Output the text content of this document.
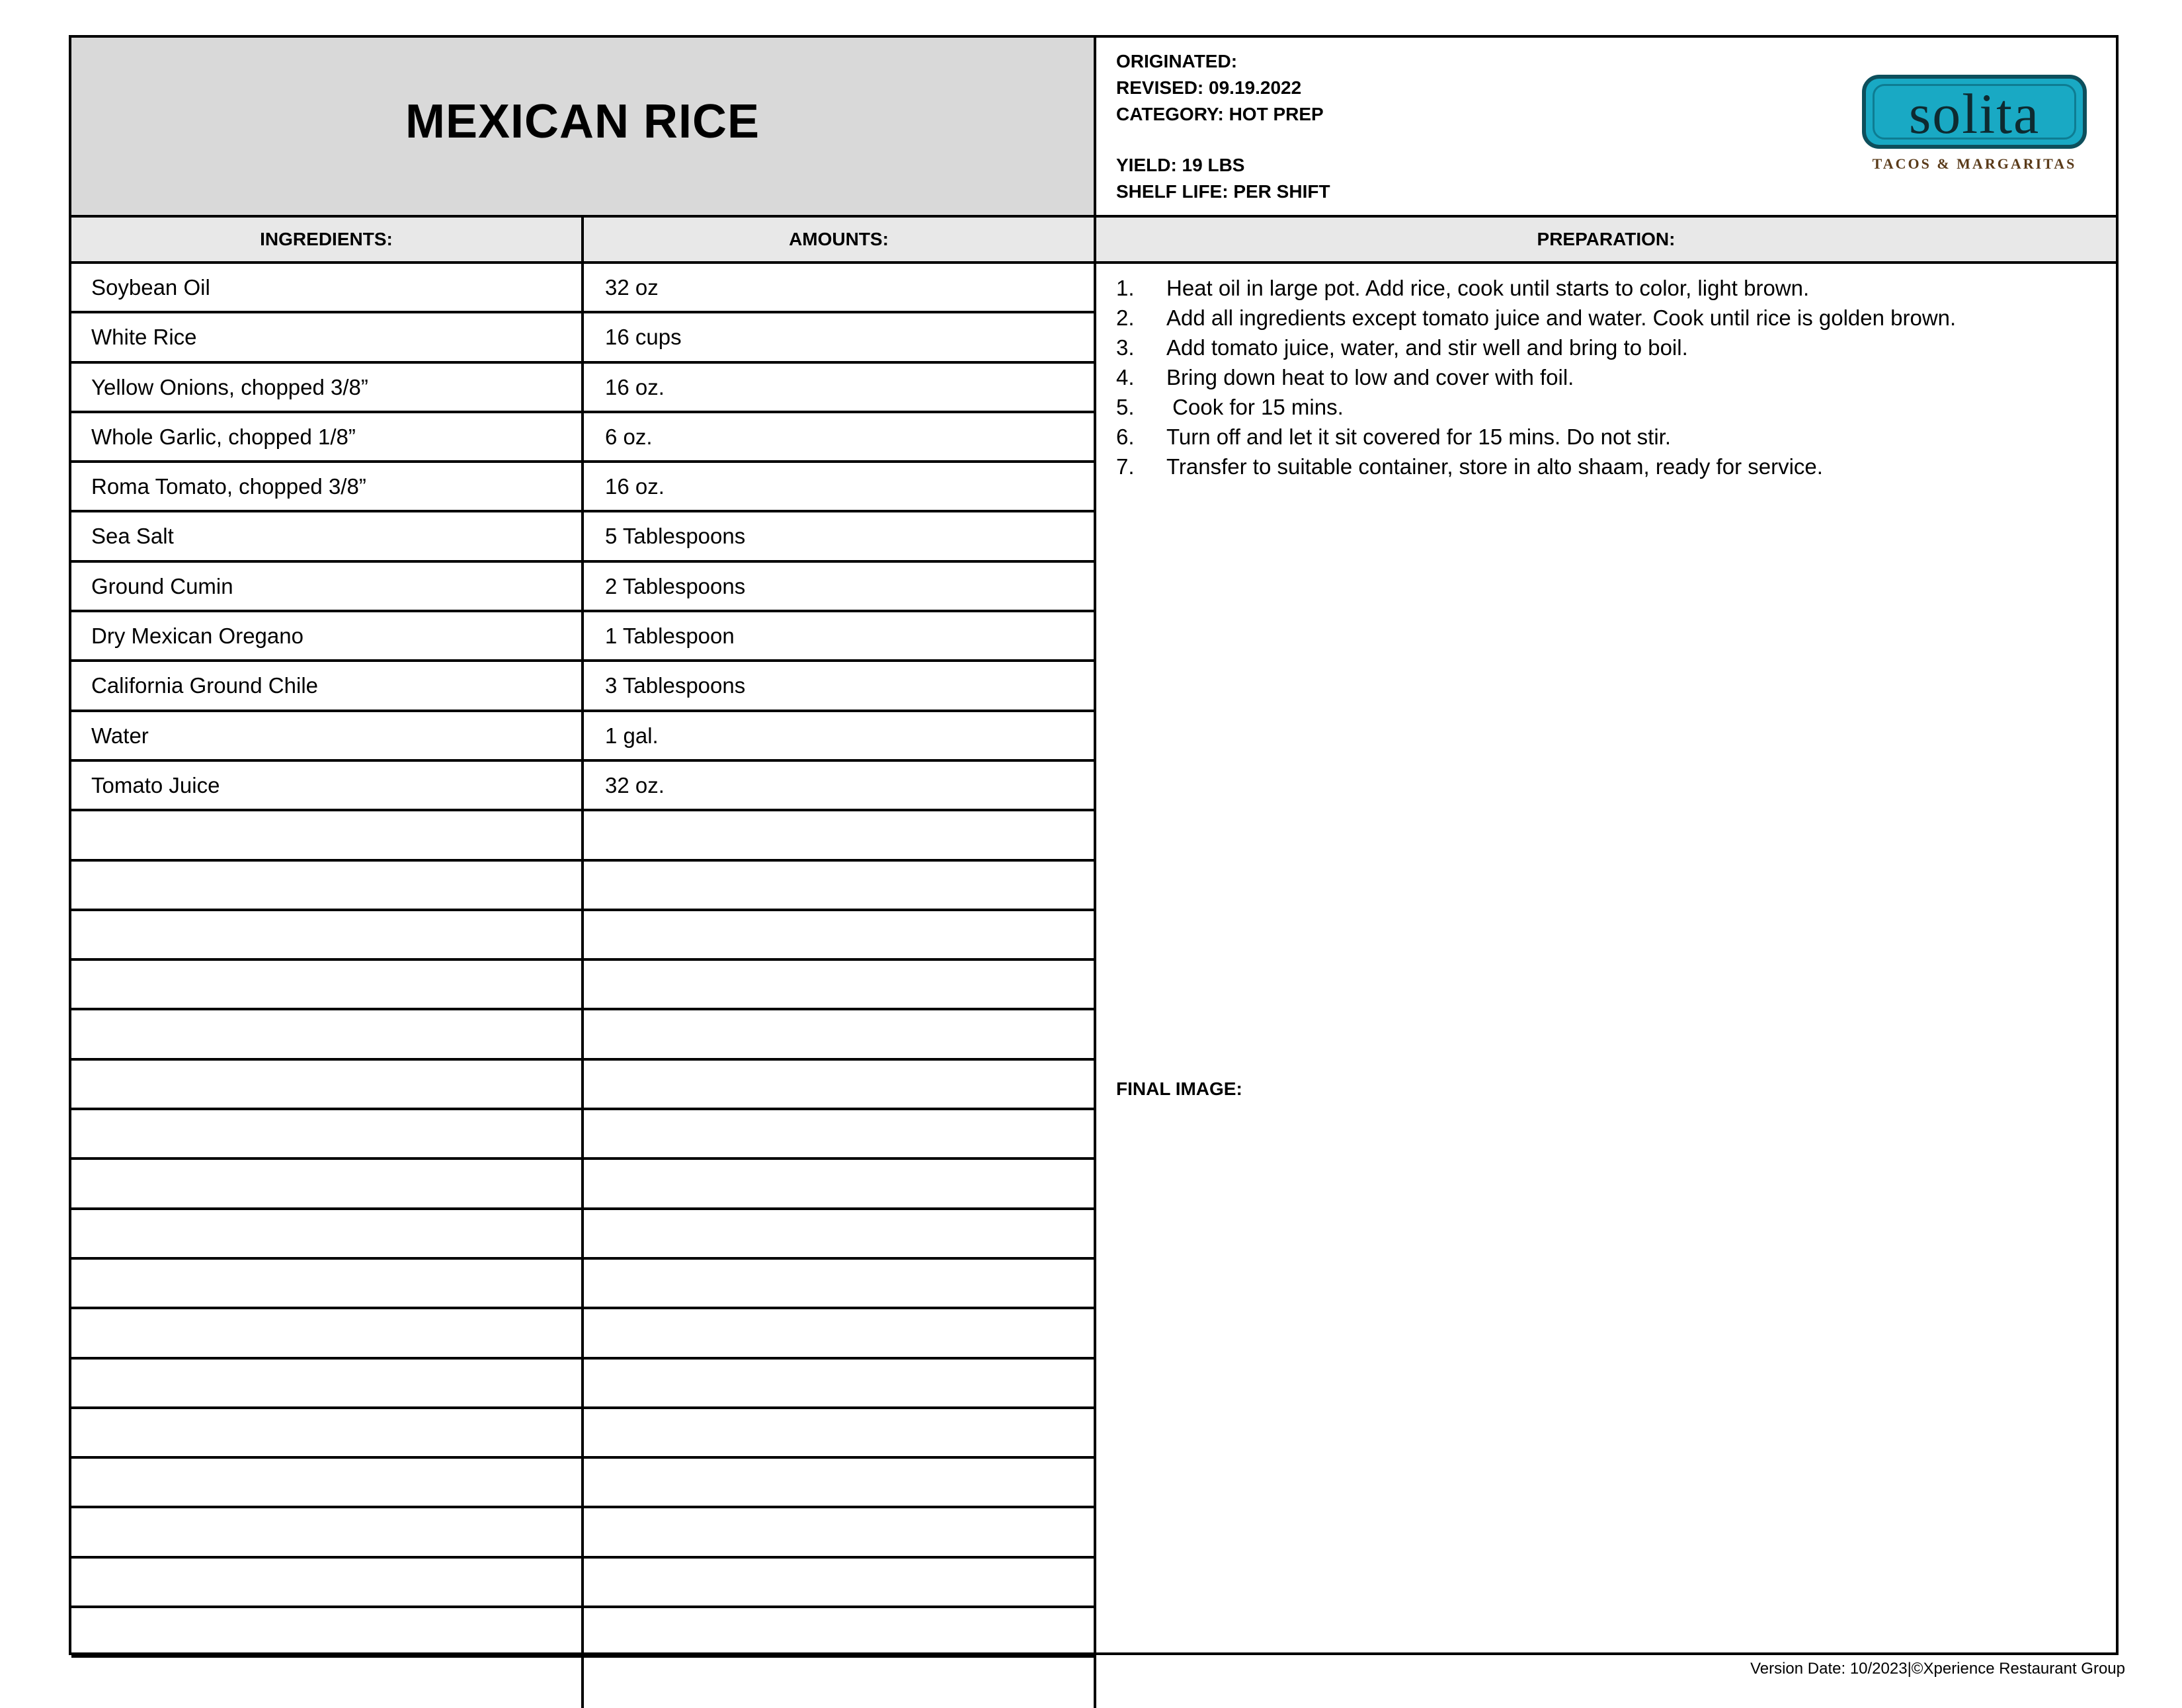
MEXICAN RICE
ORIGINATED:
REVISED: 09.19.2022
CATEGORY: HOT PREP
YIELD: 19 LBS
SHELF LIFE: PER SHIFT
solita
TACOS & MARGARITAS
INGREDIENTS:	AMOUNTS:	PREPARATION:
Soybean Oil	32 oz
White Rice	16 cups
Yellow Onions, chopped 3/8”	16 oz.
Whole Garlic, chopped 1/8”	6 oz.
Roma Tomato, chopped 3/8”	16 oz.
Sea Salt	5 Tablespoons
Ground Cumin	2 Tablespoons
Dry Mexican Oregano	1 Tablespoon
California Ground Chile	3 Tablespoons
Water	1 gal.
Tomato Juice	32 oz.
1. Heat oil in large pot. Add rice, cook until starts to color, light brown.
2. Add all ingredients except tomato juice and water. Cook until rice is golden brown.
3. Add tomato juice, water, and stir well and bring to boil.
4. Bring down heat to low and cover with foil.
5. Cook for 15 mins.
6. Turn off and let it sit covered for 15 mins. Do not stir.
7. Transfer to suitable container, store in alto shaam, ready for service.
FINAL IMAGE:
Version Date: 10/2023|©Xperience Restaurant Group
